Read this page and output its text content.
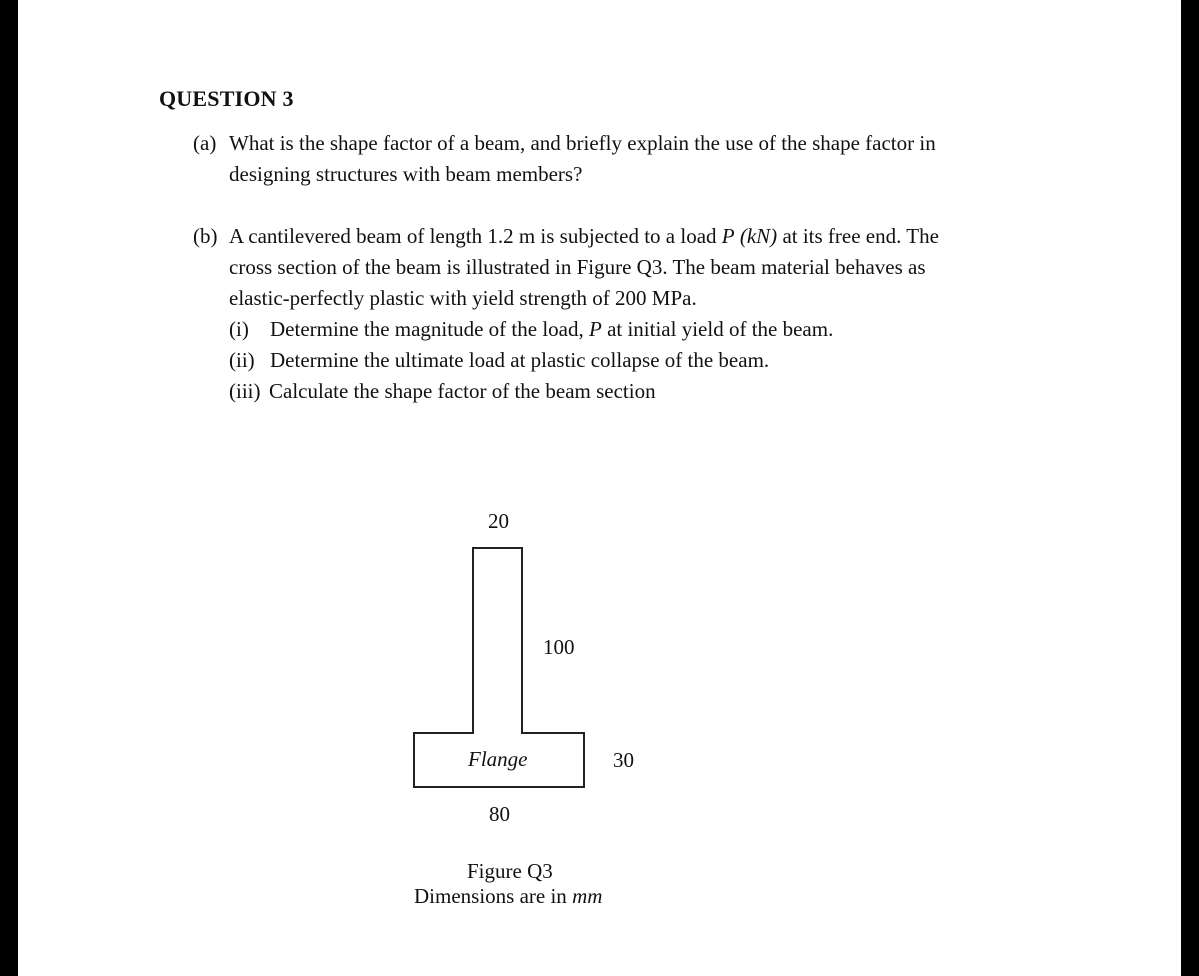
QUESTION 3
(a) What is the shape factor of a beam, and briefly explain the use of the shape factor in
designing structures with beam members?
(b) A cantilevered beam of length 1.2 m is subjected to a load P (kN) at its free end. The
cross section of the beam is illustrated in Figure Q3. The beam material behaves as
elastic-perfectly plastic with yield strength of 200 MPa.
(i) Determine the magnitude of the load, P at initial yield of the beam.
(ii) Determine the ultimate load at plastic collapse of the beam.
(iii) Calculate the shape factor of the beam section
20
100
Flange	30
80
Figure Q3
Dimensions are in mm
